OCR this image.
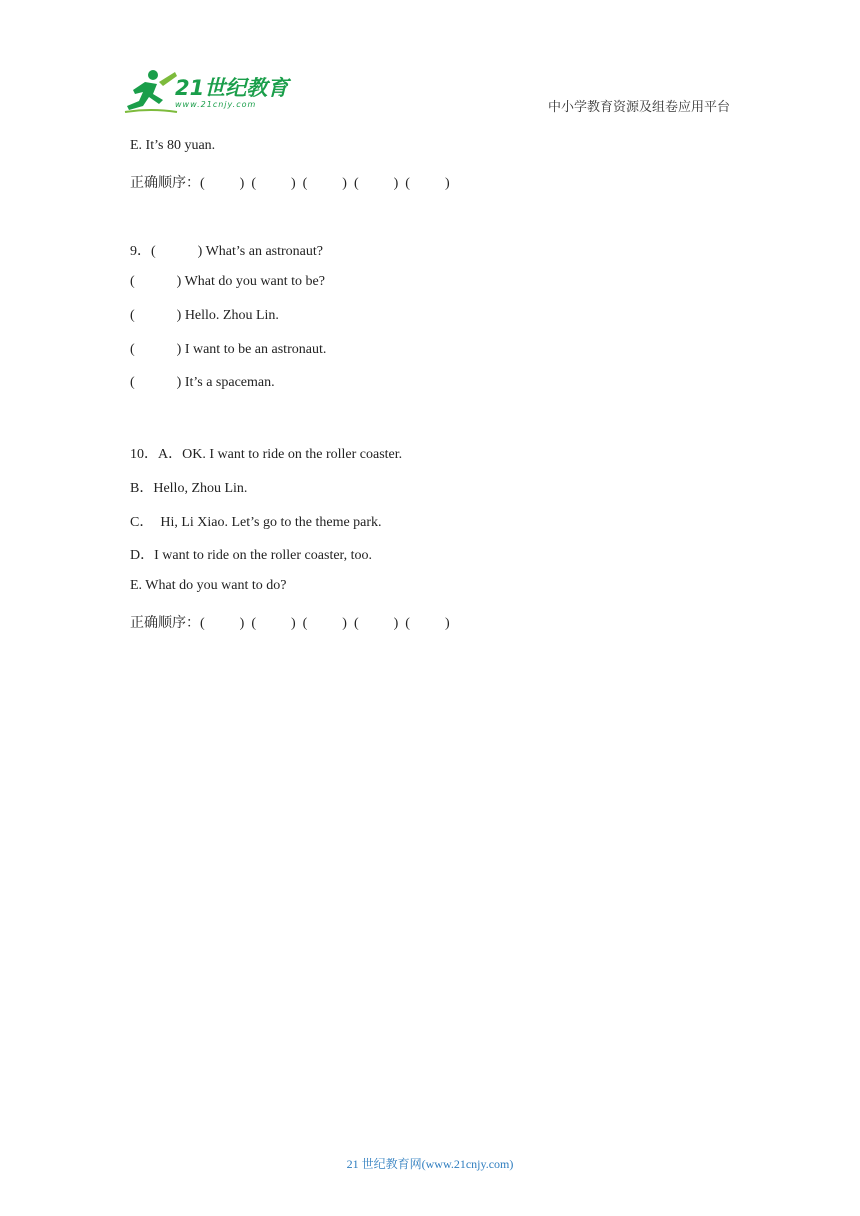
21世纪教育
www.21cnjy.com	中小学教育资源及组卷应用平台
E. It’s 80 yuan.
正确顺序：(          )  (          )  (          )  (          )  (          )
9．(            ) What’s an astronaut?
(            ) What do you want to be?
(            ) Hello. Zhou Lin.
(            ) I want to be an astronaut.
(            ) It’s a spaceman.
10．A．OK. I want to ride on the roller coaster.
B．Hello, Zhou Lin.
C．  Hi, Li Xiao. Let’s go to the theme park.
D．I want to ride on the roller coaster, too.
E. What do you want to do?
正确顺序：(          )  (          )  (          )  (          )  (          )
21 世纪教育网(www.21cnjy.com)
